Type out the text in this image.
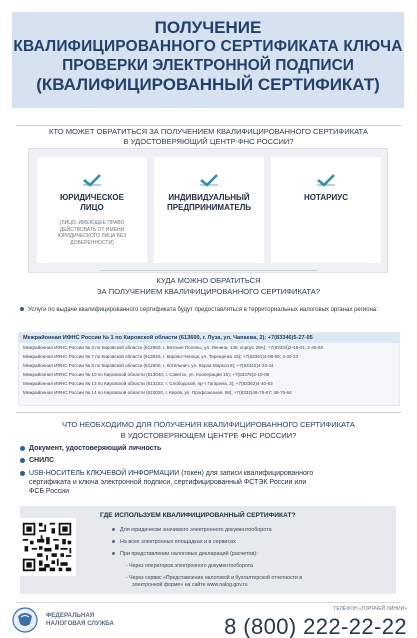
ПОЛУЧЕНИЕ
КВАЛИФИЦИРОВАННОГО СЕРТИФИКАТА КЛЮЧА
ПРОВЕРКИ ЭЛЕКТРОННОЙ ПОДПИСИ
(КВАЛИФИЦИРОВАННЫЙ СЕРТИФИКАТ)
КТО МОЖЕТ ОБРАТИТЬСЯ ЗА ПОЛУЧЕНИЕМ КВАЛИФИЦИРОВАННОГО СЕРТИФИКАТА
В УДОСТОВЕРЯЮЩИЙ ЦЕНТР ФНС РОССИИ?
ЮРИДИЧЕСКОЕ
ЛИЦО
(ЛИЦО, ИМЕЮЩЕЕ ПРАВО ДЕЙСТВОВАТЬ ОТ ИМЕНИ ЮРИДИЧЕСКОГО ЛИЦА БЕЗ ДОВЕРЕННОСТИ)
ИНДИВИДУАЛЬНЫЙ
ПРЕДПРИНИМАТЕЛЬ
НОТАРИУС
КУДА МОЖНО ОБРАТИТЬСЯ
ЗА ПОЛУЧЕНИЕМ КВАЛИФИЦИРОВАННОГО СЕРТИФИКАТА?
Услуги по выдаче квалифицированного сертификата будут предоставляться в территориальных налоговых органах региона:
Межрайонная ИФНС России № 1 по Кировской области (613600, г. Луза, ул. Чапаева, 2); +7(83346)5-27-05
Межрайонная ИФНС России № 3 по Кировской области (612960, г. Вятские Поляны, ул. Ленина, 135, корпус 29А); +7(83334)2-46-01; 2-46-50
Межрайонная ИФНС России № 7 по Кировской области (613040, г. Кирово-Чепецк, ул. Терещенко 15); +7(83361)4-08-09; 4-30-23
Межрайонная ИФНС России № 8 по Кировской области (612600, г. Котельнич, ул. Карла Маркса 8); +7(83342)4-33-44
Межрайонная ИФНС России № 10 по Кировской области (613040, г. Советск, ул. Кооперации 15); +7(83375)2-10-08
Межрайонная ИФНС России № 13 по Кировской области (613152, г. Слободской, пр-т Гагарина, 3); +7(83362)4-40-63
Межрайонная ИФНС России № 14 по Кировской области (610020, г. Киров, ул. Профсоюзная, 69); +7(8332)48-76-67; 48-76-64
ЧТО НЕОБХОДИМО ДЛЯ ПОЛУЧЕНИЯ КВАЛИФИЦИРОВАННОГО СЕРТИФИКАТА
В УДОСТОВЕРЯЮЩЕМ ЦЕНТРЕ ФНС РОССИИ?
Документ, удостоверяющий личность
СНИЛС
USB-НОСИТЕЛЬ КЛЮЧЕВОЙ ИНФОРМАЦИИ (токен) для записи квалифицированного
сертификата и ключа электронной подписи, сертифицированный ФСТЭК России или
ФСБ России
ГДЕ ИСПОЛЬЗУЕМ КВАЛИФИЦИРОВАННЫЙ СЕРТИФИКАТ?
Для юридически значимого электронного документооборота
На всех электронных площадках и в сервисах
При представлении налоговых деклараций (расчетов):
- Через операторов электронного документооборота
- Через сервис «Представление налоговой и бухгалтерской отчетности в
электронной форме» на сайте www.nalog.gov.ru
ФЕДЕРАЛЬНАЯ
НАЛОГОВАЯ СЛУЖБА
ТЕЛЕФОН «ГОРЯЧЕЙ ЛИНИИ»
8 (800) 222-22-22
